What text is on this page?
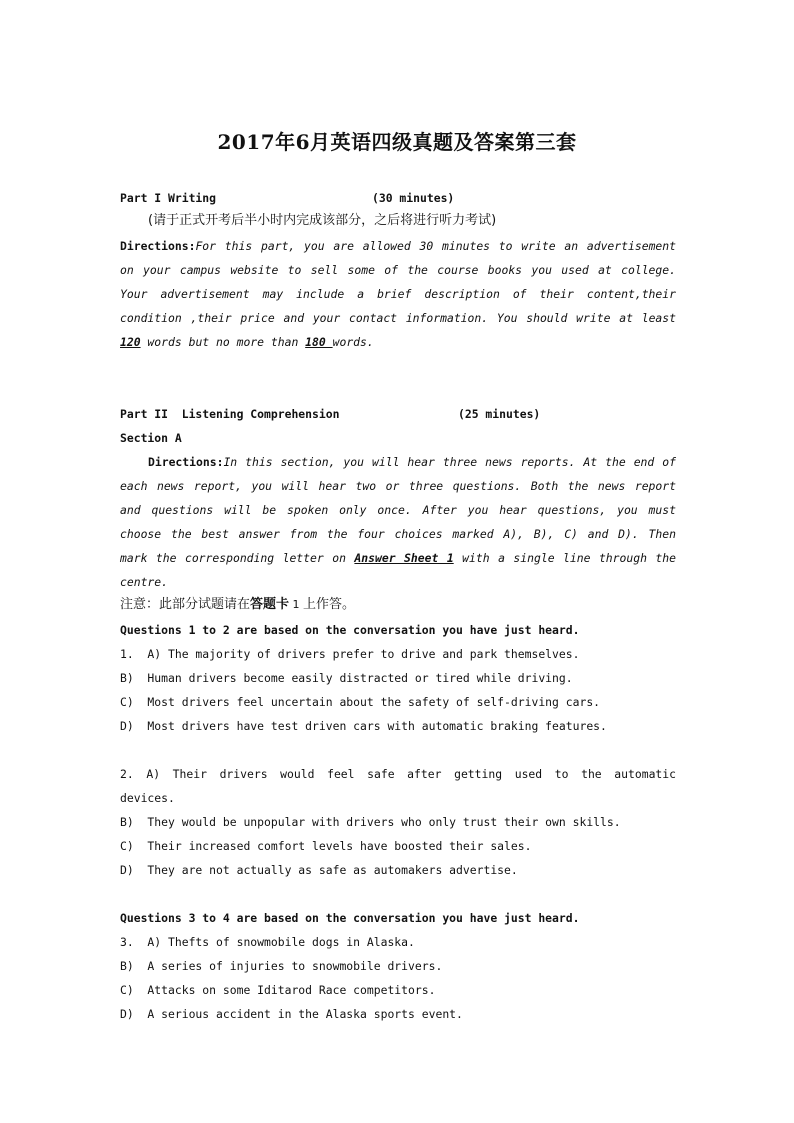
2017年6月英语四级真题及答案第三套
Part I Writing	(30 minutes)
(请于正式开考后半小时内完成该部分，之后将进行听力考试)
Directions:For this part, you are allowed 30 minutes to write an advertisement
on your campus website to sell some of the course books you used at college.
Your advertisement may include a brief description of their content,their
condition ,their price and your contact information. You should write at least
120 words but no more than 180 words.
Part II  Listening Comprehension	(25 minutes)
Section A
Directions:In this section, you will hear three news reports. At the end of
each news report, you will hear two or three questions. Both the news report
and questions will be spoken only once. After you hear questions, you must
choose the best answer from the four choices marked A), B), C) and D). Then
mark the corresponding letter on Answer Sheet 1 with a single line through the
centre.
注意：此部分试题请在答题卡 1 上作答。
Questions 1 to 2 are based on the conversation you have just heard.
1.  A) The majority of drivers prefer to drive and park themselves.
B)  Human drivers become easily distracted or tired while driving.
C)  Most drivers feel uncertain about the safety of self-driving cars.
D)  Most drivers have test driven cars with automatic braking features.
2. A) Their drivers would feel safe after getting used to the automatic
devices.
B)  They would be unpopular with drivers who only trust their own skills.
C)  Their increased comfort levels have boosted their sales.
D)  They are not actually as safe as automakers advertise.
Questions 3 to 4 are based on the conversation you have just heard.
3.  A) Thefts of snowmobile dogs in Alaska.
B)  A series of injuries to snowmobile drivers.
C)  Attacks on some Iditarod Race competitors.
D)  A serious accident in the Alaska sports event.
